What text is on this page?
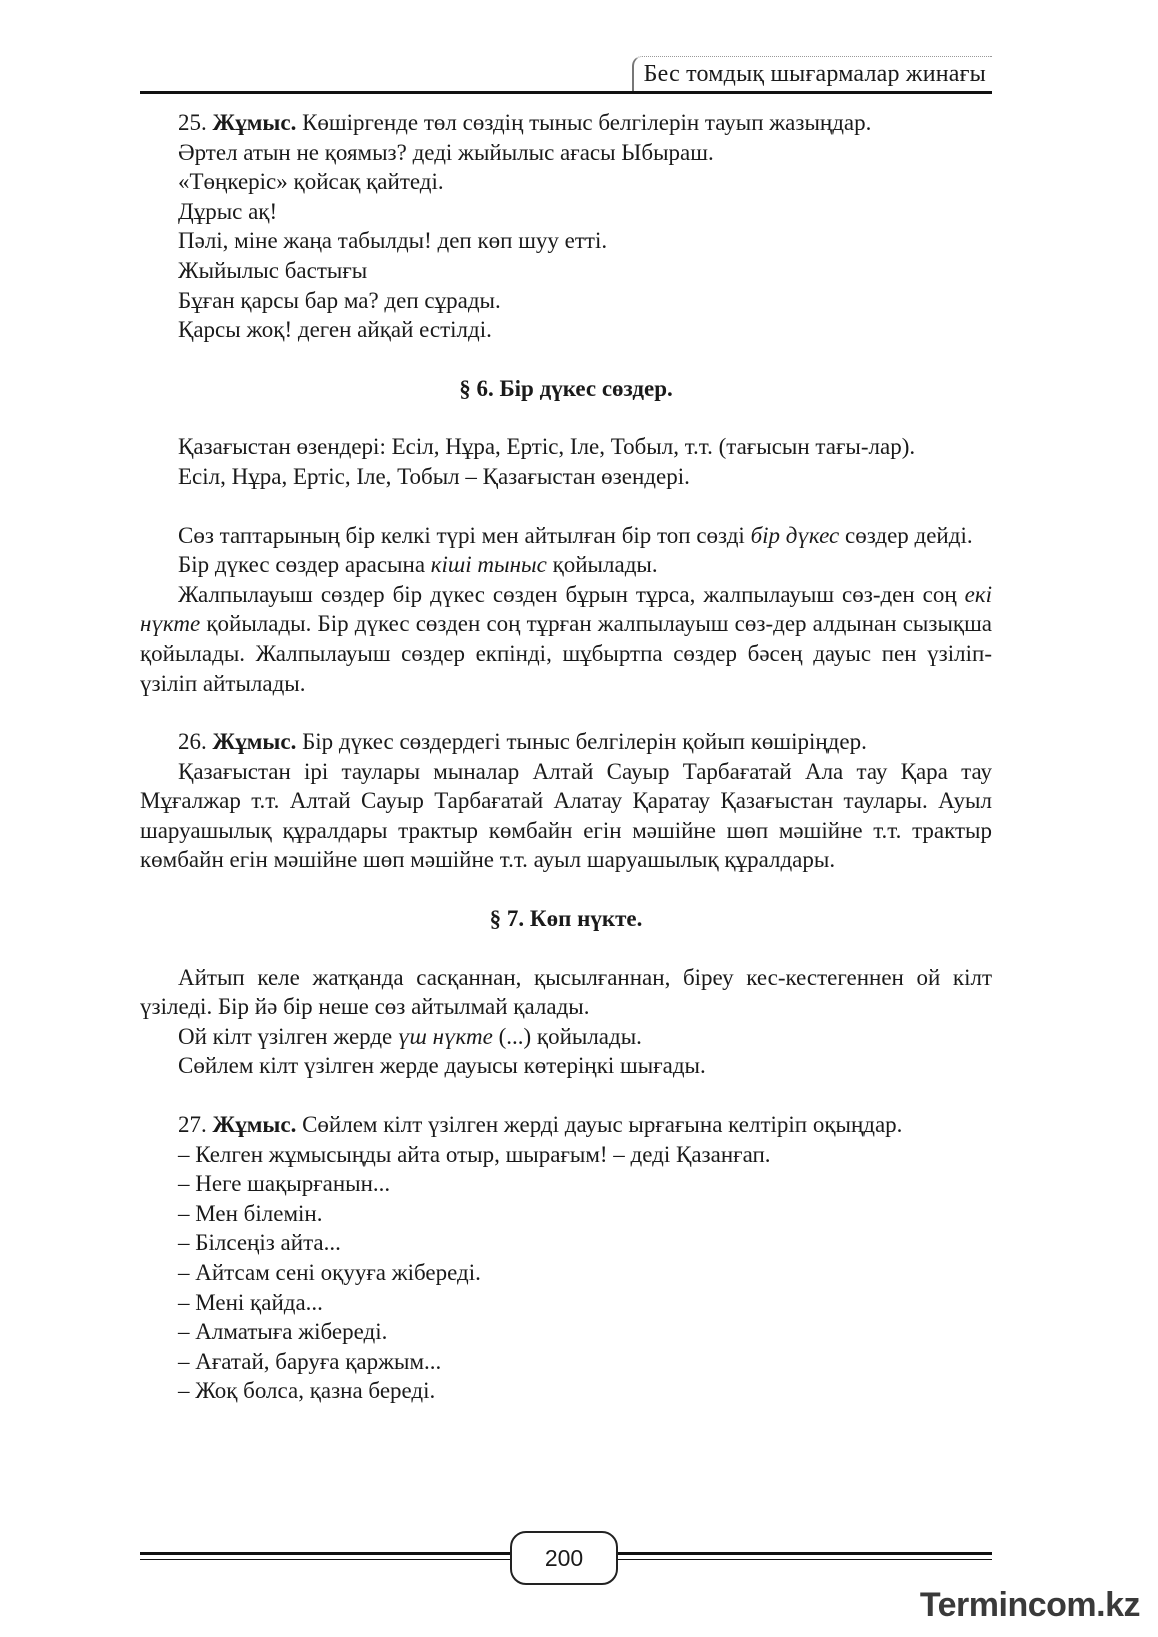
Бес томдық шығармалар жинағы

25. Жұмыс. Көшіргенде төл сөздің тыныс белгілерін тауып жазыңдар.

Әртел атын не қоямыз? деді жыйылыс ағасы Ыбыраш.

«Төңкеріс» қойсақ қайтеді.

Дұрыс ақ!

Пәлі, міне жаңа табылды! деп көп шуу етті.

Жыйылыс бастығы

Бұған қарсы бар ма? деп сұрады.

Қарсы жоқ! деген айқай естілді.

§ 6. Бір дүкес сөздер.

Қазағыстан өзендері: Есіл, Нұра, Ертіс, Іле, Тобыл, т.т. (тағысын тағы-лар).

Есіл, Нұра, Ертіс, Іле, Тобыл – Қазағыстан өзендері.

Сөз таптарының бір келкі түрі мен айтылған бір топ сөзді бір дүкес сөздер дейді.

Бір дүкес сөздер арасына кіші тыныс қойылады.

Жалпылауыш сөздер бір дүкес сөзден бұрын тұрса, жалпылауыш сөз-ден соң екі нүкте қойылады. Бір дүкес сөзден соң тұрған жалпылауыш сөз-дер алдынан сызықша қойылады. Жалпылауыш сөздер екпінді, шұбыртпа сөздер бәсең дауыс пен үзіліп-үзіліп айтылады.

26. Жұмыс. Бір дүкес сөздердегі тыныс белгілерін қойып көшіріңдер.

Қазағыстан ірі таулары мыналар Алтай Сауыр Тарбағатай Ала тау Қара тау Мұғалжар т.т. Алтай Сауыр Тарбағатай Алатау Қаратау Қазағыстан таулары. Ауыл шаруашылық құралдары трактыр көмбайн егін мәшійне шөп мәшійне т.т. трактыр көмбайн егін мәшійне шөп мәшійне т.т. ауыл шаруашылық құралдары.

§ 7. Көп нүкте.

Айтып келе жатқанда сасқаннан, қысылғаннан, біреу кес-кестегеннен ой кілт үзіледі. Бір йә бір неше сөз айтылмай қалады.

Ой кілт үзілген жерде үш нүкте (...) қойылады.

Сөйлем кілт үзілген жерде дауысы көтеріңкі шығады.

27. Жұмыс. Сөйлем кілт үзілген жерді дауыс ырғағына келтіріп оқыңдар.

– Келген жұмысыңды айта отыр, шырағым! – деді Қазанғап.

– Неге шақырғанын...

– Мен білемін.

– Білсеңіз айта...

– Айтсам сені оқууға жібереді.

– Мені қайда...

– Алматыға жібереді.

– Ағатай, баруға қаржым...

– Жоқ болса, қазна береді.

200
Termincom.kz
